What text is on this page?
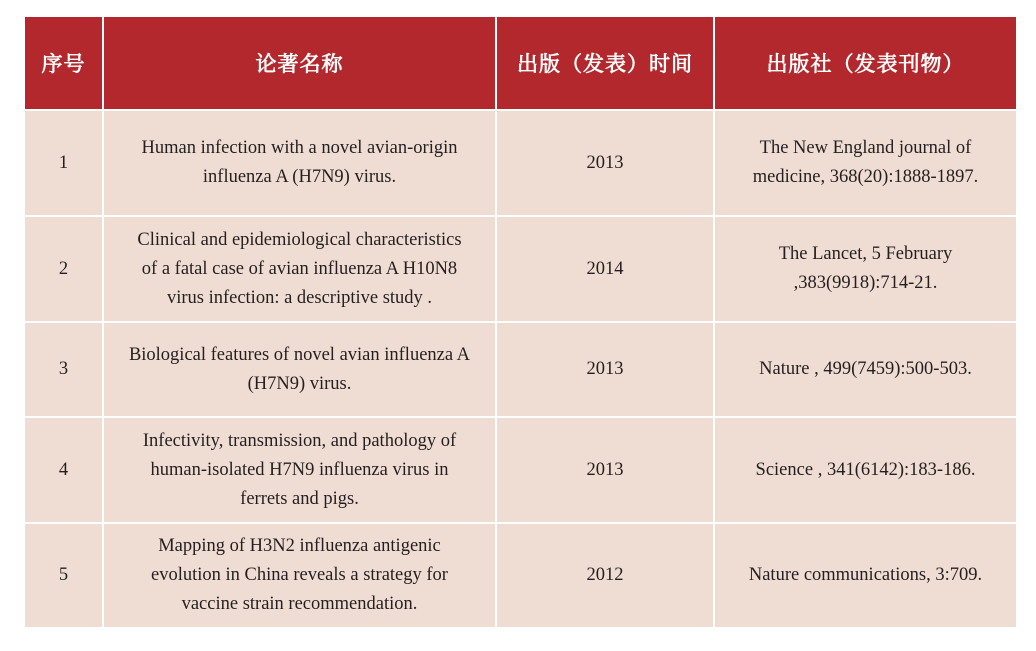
序号	论著名称	出版（发表）时间	出版社（发表刊物）
1	Human infection with a novel avian-origin
influenza A (H7N9) virus.	2013	The New England journal of
medicine, 368(20):1888-1897.
2	Clinical and epidemiological characteristics
of a fatal case of avian influenza A H10N8
virus infection: a descriptive study .	2014	The Lancet, 5 February
,383(9918):714-21.
3	Biological features of novel avian influenza A
(H7N9) virus.	2013	Nature , 499(7459):500-503.
4	Infectivity, transmission, and pathology of
human-isolated H7N9 influenza virus in
ferrets and pigs.	2013	Science , 341(6142):183-186.
5	Mapping of H3N2 influenza antigenic
evolution in China reveals a strategy for
vaccine strain recommendation.	2012	Nature communications, 3:709.
